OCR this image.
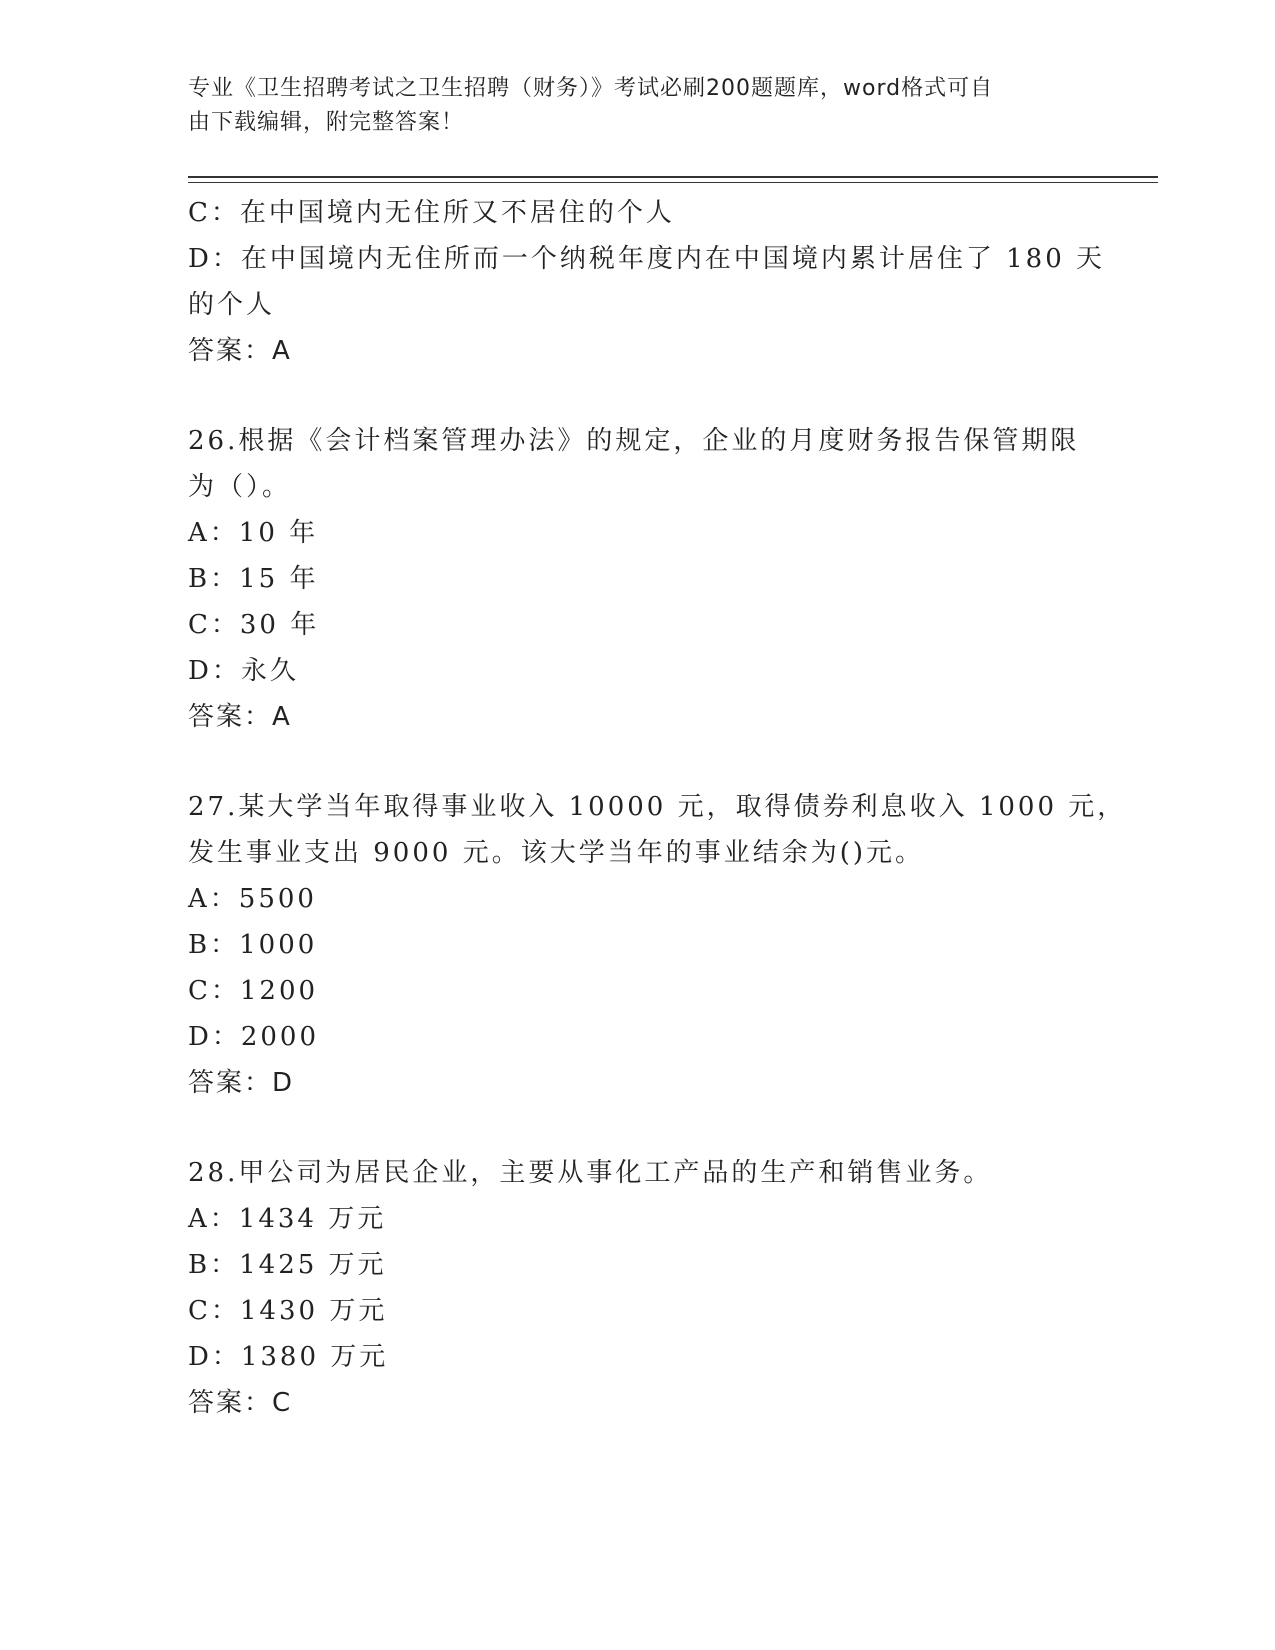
专业《卫生招聘考试之卫生招聘（财务）》考试必刷200题题库，word格式可自
由下载编辑，附完整答案！

C：在中国境内无住所又不居住的个人

D：在中国境内无住所而一个纳税年度内在中国境内累计居住了 180 天

的个人

答案：A

26.根据《会计档案管理办法》的规定，企业的月度财务报告保管期限

为（）。

A：10 年

B：15 年

C：30 年

D：永久

答案：A

27.某大学当年取得事业收入 10000 元，取得债券利息收入 1000 元，

发生事业支出 9000 元。该大学当年的事业结余为()元。

A：5500

B：1000

C：1200

D：2000

答案：D

28.甲公司为居民企业，主要从事化工产品的生产和销售业务。

A：1434 万元

B：1425 万元

C：1430 万元

D：1380 万元

答案：C
